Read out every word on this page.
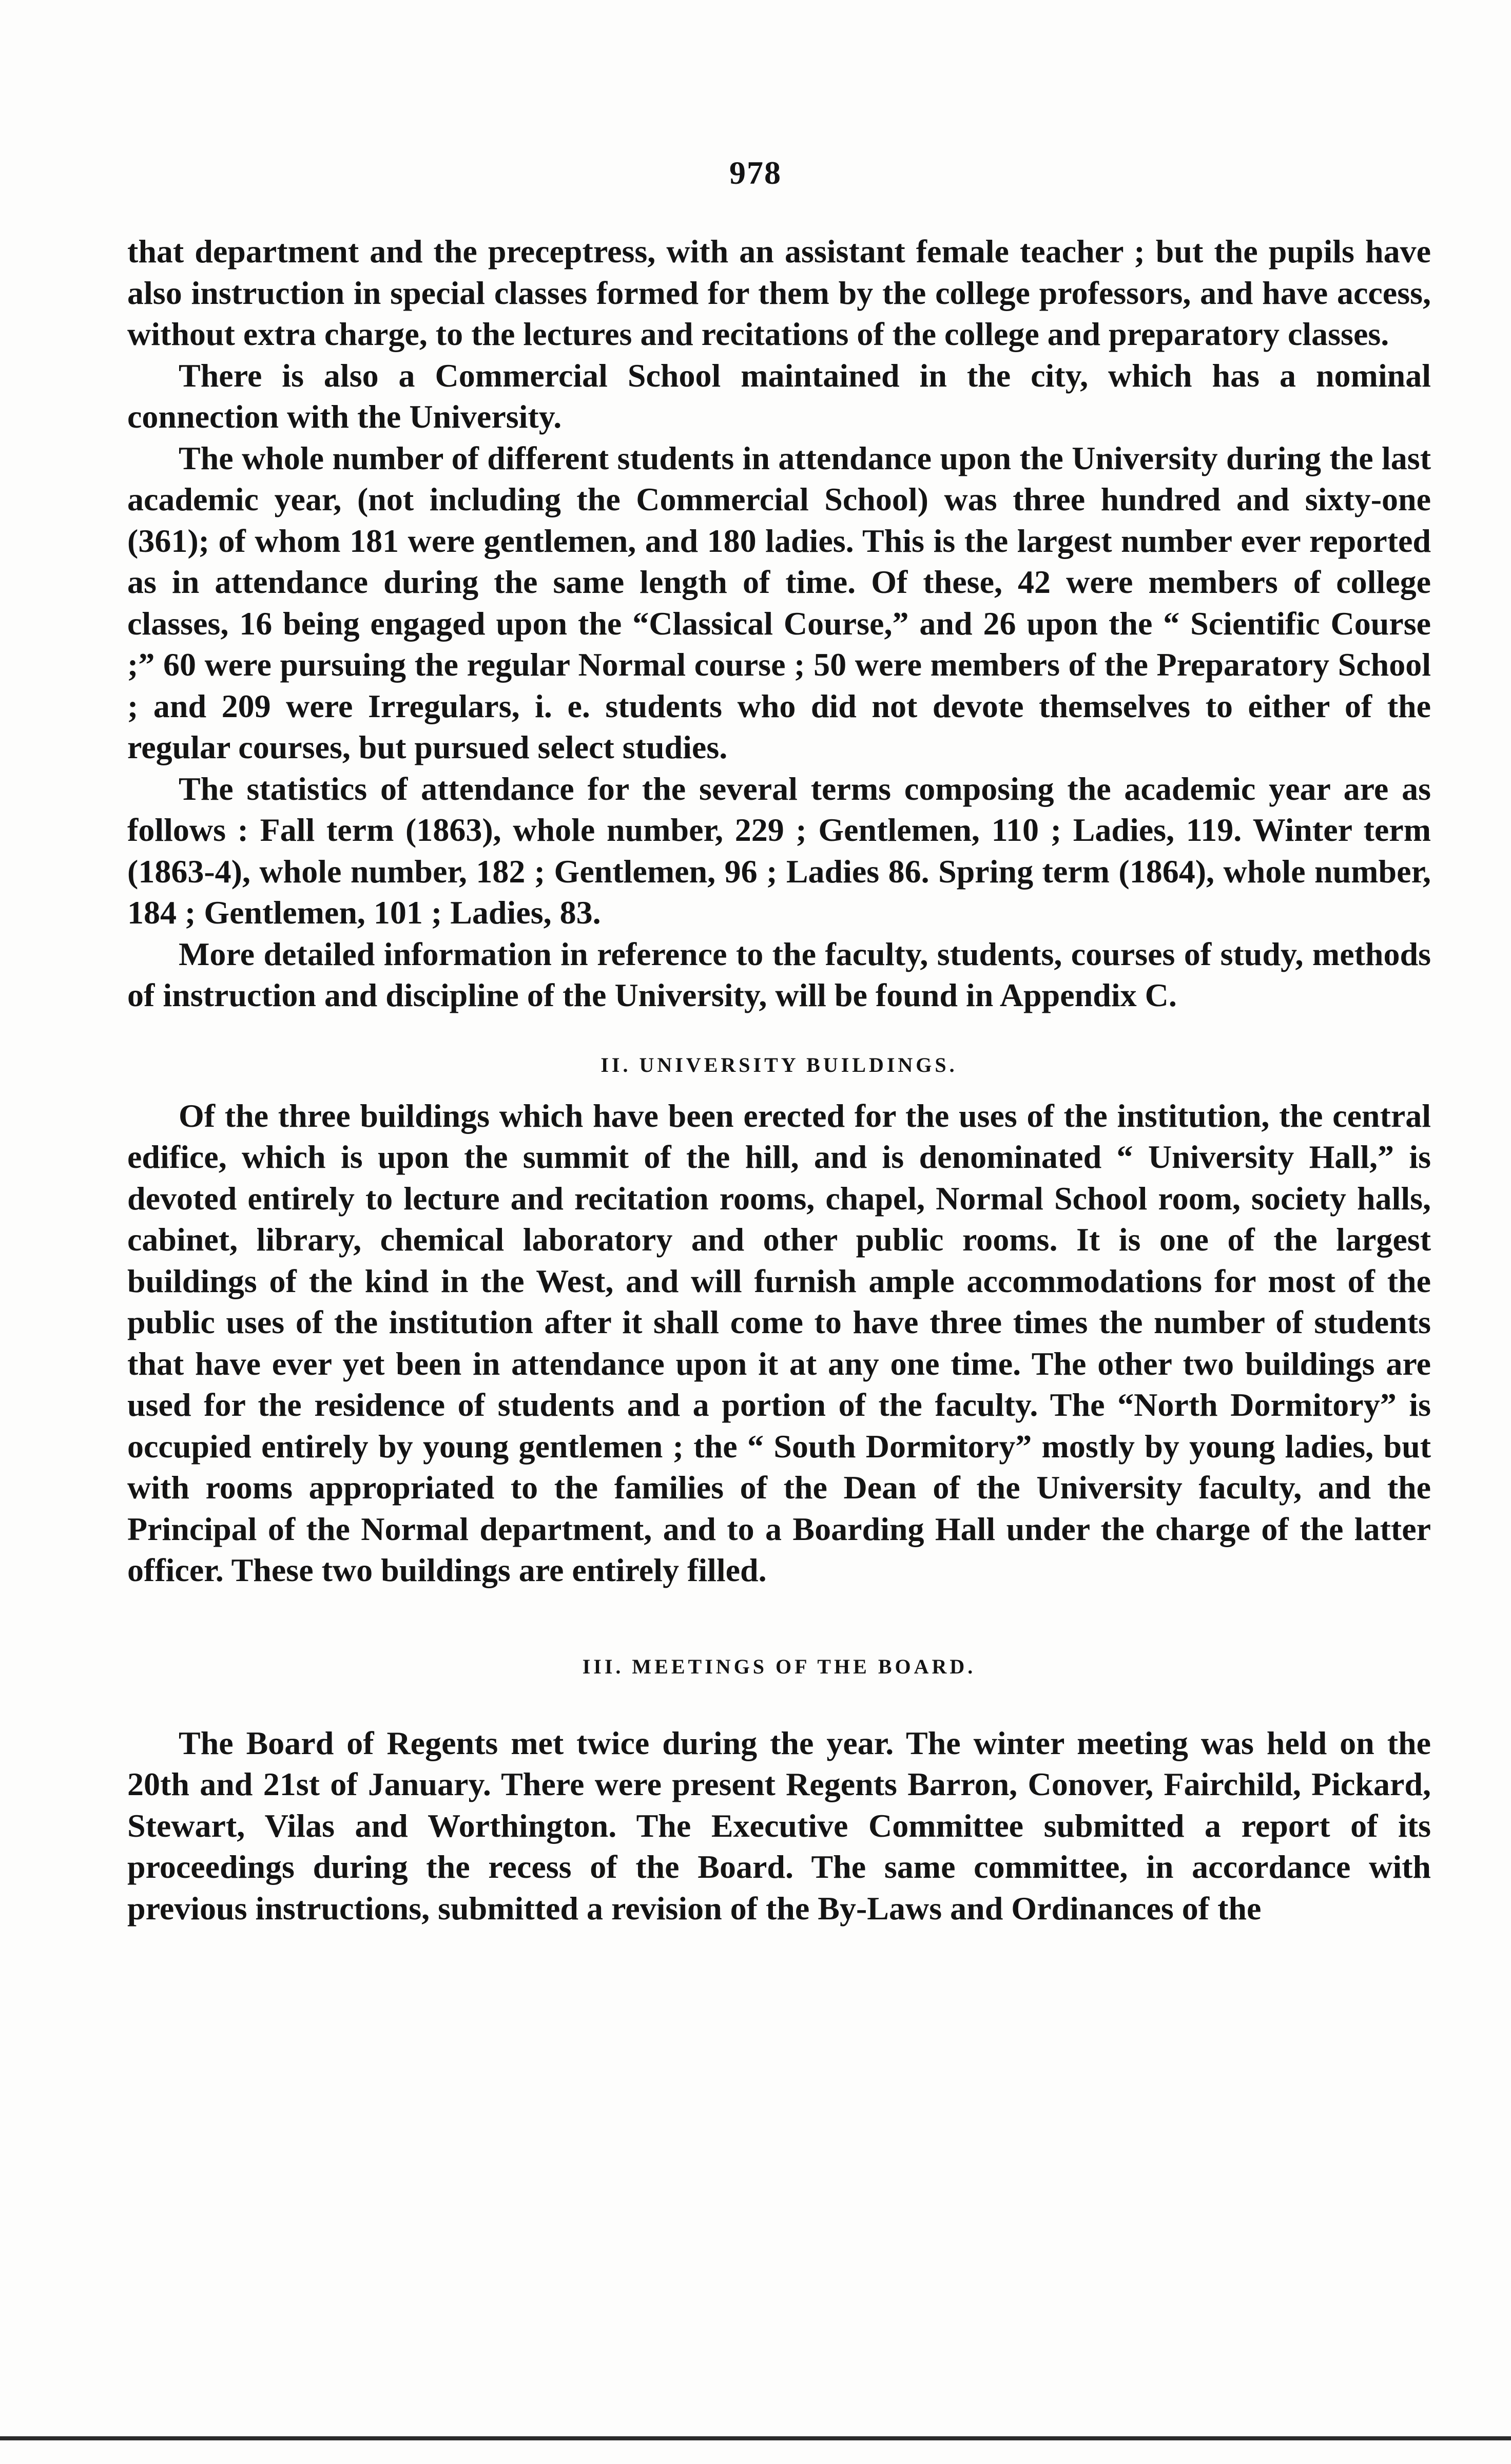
978

that department and the preceptress, with an assistant female teacher ; but the pupils have also instruction in special classes formed for them by the college professors, and have access, without extra charge, to the lectures and recitations of the college and preparatory classes.

There is also a Commercial School maintained in the city, which has a nominal connection with the University.

The whole number of different students in attendance upon the University during the last academic year, (not including the Commercial School) was three hundred and sixty-one (361); of whom 181 were gentlemen, and 180 ladies. This is the largest number ever reported as in attendance during the same length of time. Of these, 42 were members of college classes, 16 being engaged upon the “Classical Course,” and 26 upon the “ Scientific Course ;” 60 were pursuing the regular Normal course ; 50 were members of the Preparatory School ; and 209 were Irregulars, i. e. students who did not devote themselves to either of the regular courses, but pursued select studies.

The statistics of attendance for the several terms composing the academic year are as follows : Fall term (1863), whole number, 229 ; Gentlemen, 110 ; Ladies, 119. Winter term (1863-4), whole number, 182 ; Gentlemen, 96 ; Ladies 86. Spring term (1864), whole number, 184 ; Gentlemen, 101 ; Ladies, 83.

More detailed information in reference to the faculty, students, courses of study, methods of instruction and discipline of the University, will be found in Appendix C.

II. UNIVERSITY BUILDINGS.

Of the three buildings which have been erected for the uses of the institution, the central edifice, which is upon the summit of the hill, and is denominated “ University Hall,” is devoted entirely to lecture and recitation rooms, chapel, Normal School room, society halls, cabinet, library, chemical laboratory and other public rooms. It is one of the largest buildings of the kind in the West, and will furnish ample accommodations for most of the public uses of the institution after it shall come to have three times the number of students that have ever yet been in attendance upon it at any one time. The other two buildings are used for the residence of students and a portion of the faculty. The “North Dormitory” is occupied entirely by young gentlemen ; the “ South Dormitory” mostly by young ladies, but with rooms appropriated to the families of the Dean of the University faculty, and the Principal of the Normal department, and to a Boarding Hall under the charge of the latter officer. These two buildings are entirely filled.

III. MEETINGS OF THE BOARD.

The Board of Regents met twice during the year. The winter meeting was held on the 20th and 21st of January. There were present Regents Barron, Conover, Fairchild, Pickard, Stewart, Vilas and Worthington. The Executive Committee submitted a report of its proceedings during the recess of the Board. The same committee, in accordance with previous instructions, submitted a revision of the By-Laws and Ordinances of the
